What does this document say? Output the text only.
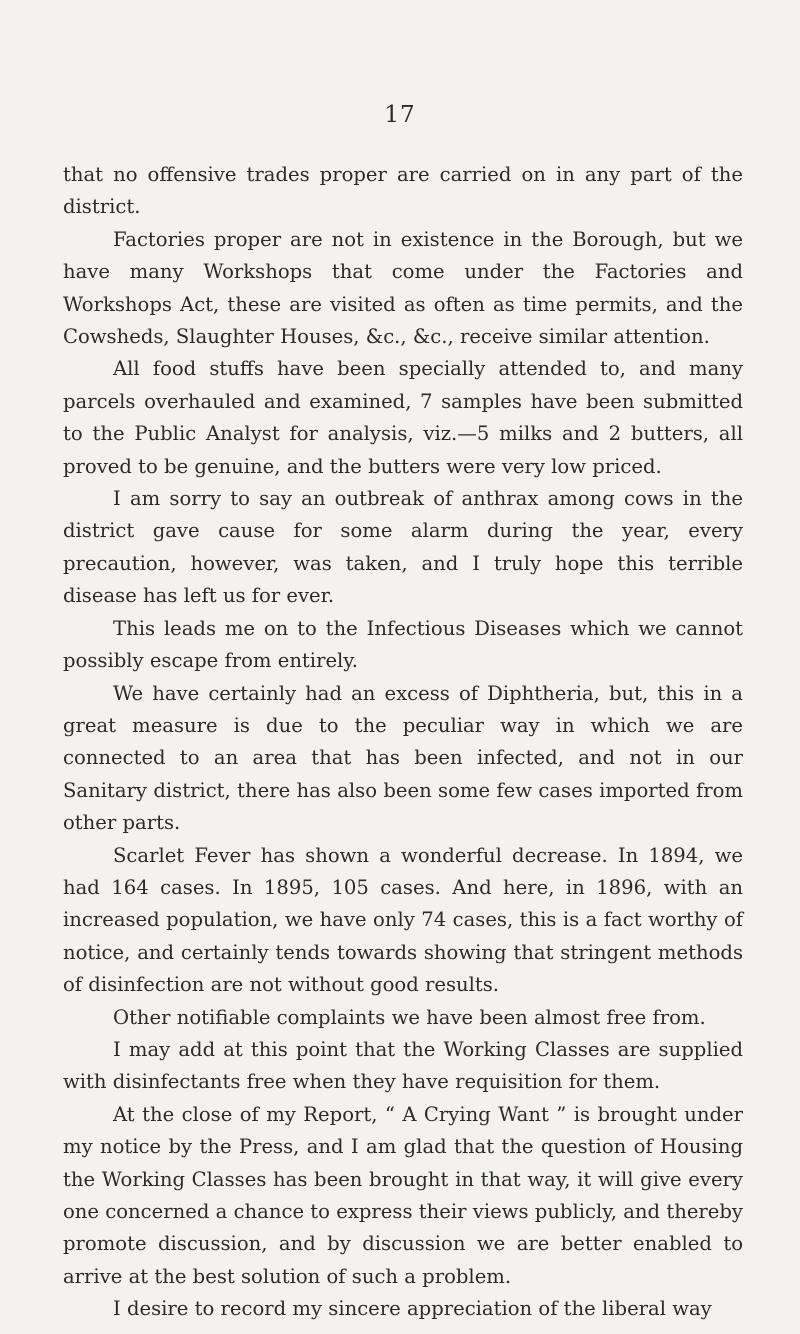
17

that no offensive trades proper are carried on in any part of the district.

Factories proper are not in existence in the Borough, but we have many Workshops that come under the Factories and Workshops Act, these are visited as often as time permits, and the Cowsheds, Slaughter Houses, &c., &c., receive similar attention.

All food stuffs have been specially attended to, and many parcels overhauled and examined, 7 samples have been submitted to the Public Analyst for analysis, viz.—5 milks and 2 butters, all proved to be genuine, and the butters were very low priced.

I am sorry to say an outbreak of anthrax among cows in the district gave cause for some alarm during the year, every precaution, however, was taken, and I truly hope this terrible disease has left us for ever.

This leads me on to the Infectious Diseases which we cannot possibly escape from entirely.

We have certainly had an excess of Diphtheria, but, this in a great measure is due to the peculiar way in which we are connected to an area that has been infected, and not in our Sanitary district, there has also been some few cases imported from other parts.

Scarlet Fever has shown a wonderful decrease. In 1894, we had 164 cases. In 1895, 105 cases. And here, in 1896, with an increased population, we have only 74 cases, this is a fact worthy of notice, and certainly tends towards showing that stringent methods of disinfection are not without good results.

Other notifiable complaints we have been almost free from.

I may add at this point that the Working Classes are supplied with disinfectants free when they have requisition for them.

At the close of my Report, “ A Crying Want ” is brought under my notice by the Press, and I am glad that the question of Housing the Working Classes has been brought in that way, it will give every one concerned a chance to express their views publicly, and thereby promote discussion, and by discussion we are better enabled to arrive at the best solution of such a problem.

I desire to record my sincere appreciation of the liberal way
